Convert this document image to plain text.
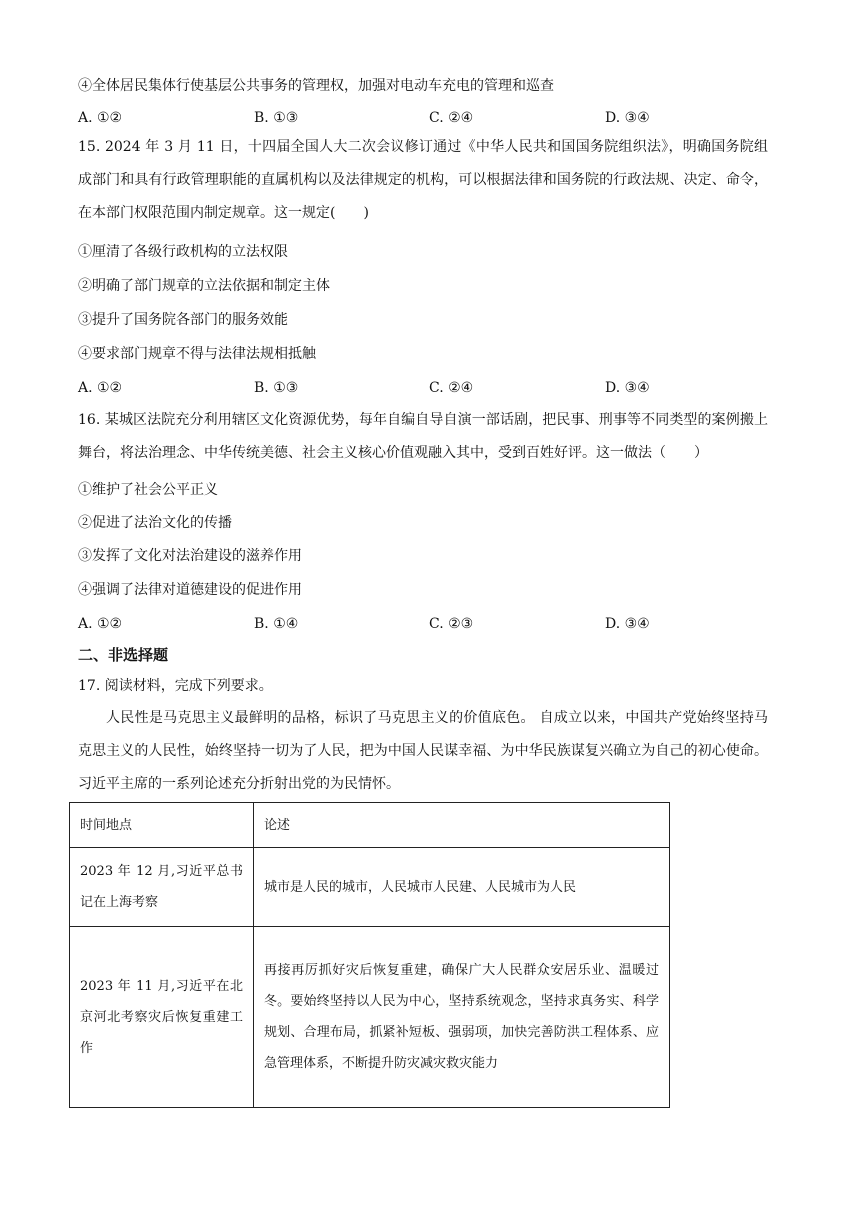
④全体居民集体行使基层公共事务的管理权，加强对电动车充电的管理和巡查
A. ①②	B. ①③	C. ②④	D. ③④
15. 2024 年 3 月 11 日，十四届全国人大二次会议修订通过《中华人民共和国国务院组织法》，明确国务院组成部门和具有行政管理职能的直属机构以及法律规定的机构，可以根据法律和国务院的行政法规、决定、命令，在本部门权限范围内制定规章。这一规定(　　)
①厘清了各级行政机构的立法权限
②明确了部门规章的立法依据和制定主体
③提升了国务院各部门的服务效能
④要求部门规章不得与法律法规相抵触
A. ①②	B. ①③	C. ②④	D. ③④
16. 某城区法院充分利用辖区文化资源优势，每年自编自导自演一部话剧，把民事、刑事等不同类型的案例搬上舞台，将法治理念、中华传统美德、社会主义核心价值观融入其中，受到百姓好评。这一做法（　　）
①维护了社会公平正义
②促进了法治文化的传播
③发挥了文化对法治建设的滋养作用
④强调了法律对道德建设的促进作用
A. ①②	B. ①④	C. ②③	D. ③④
二、非选择题
17. 阅读材料，完成下列要求。
人民性是马克思主义最鲜明的品格，标识了马克思主义的价值底色。 自成立以来，中国共产党始终坚持马克思主义的人民性，始终坚持一切为了人民，把为中国人民谋幸福、为中华民族谋复兴确立为自己的初心使命。习近平主席的一系列论述充分折射出党的为民情怀。
时间地点	论述

2023 年 12 月,习近平总书记在上海考察	城市是人民的城市，人民城市人民建、人民城市为人民

2023 年 11 月,习近平在北京河北考察灾后恢复重建工作	再接再厉抓好灾后恢复重建，确保广大人民群众安居乐业、温暖过冬。要始终坚持以人民为中心，坚持系统观念，坚持求真务实、科学规划、合理布局，抓紧补短板、强弱项，加快完善防洪工程体系、应急管理体系，不断提升防灾减灾救灾能力
